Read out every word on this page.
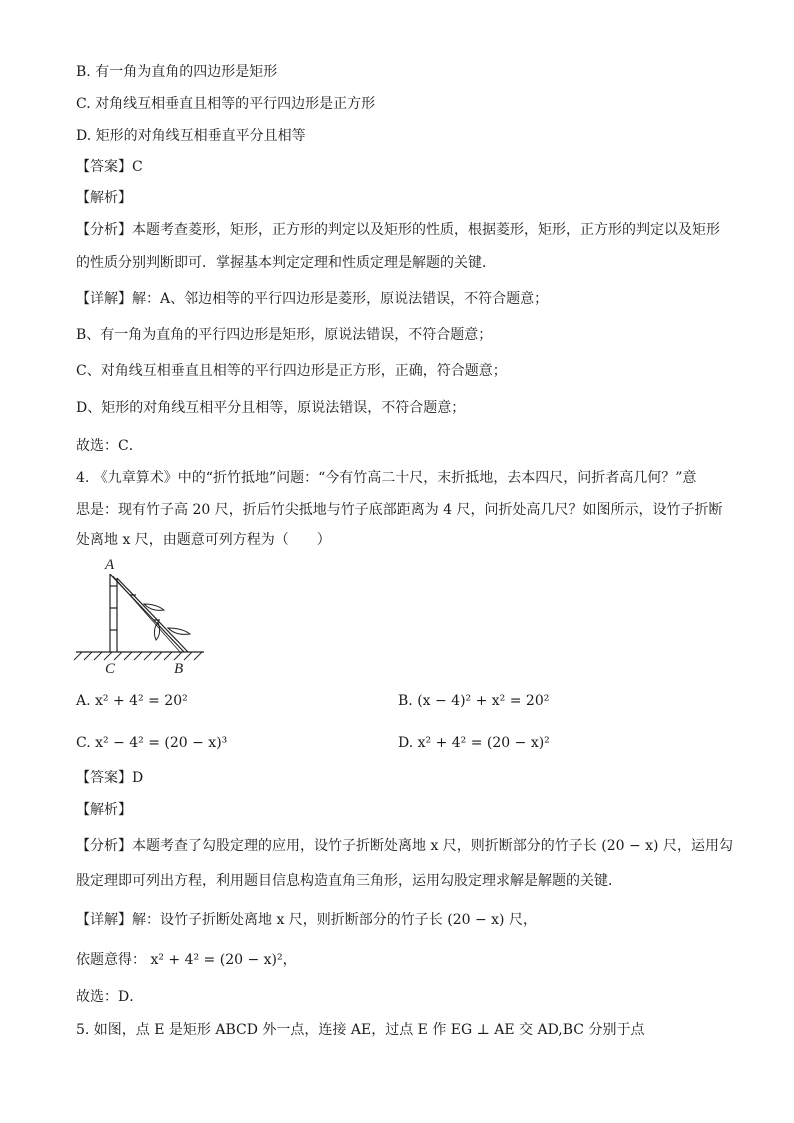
B. 有一角为直角的四边形是矩形
C. 对角线互相垂直且相等的平行四边形是正方形
D. 矩形的对角线互相垂直平分且相等
【答案】C
【解析】
【分析】本题考查菱形，矩形，正方形的判定以及矩形的性质，根据菱形，矩形，正方形的判定以及矩形
的性质分别判断即可．掌握基本判定定理和性质定理是解题的关键．
【详解】解：A、邻边相等的平行四边形是菱形，原说法错误，不符合题意；
B、有一角为直角的平行四边形是矩形，原说法错误，不符合题意；
C、对角线互相垂直且相等的平行四边形是正方形，正确，符合题意；
D、矩形的对角线互相平分且相等，原说法错误，不符合题意；
故选：C．
4. 《九章算术》中的“折竹抵地”问题：“今有竹高二十尺，末折抵地，去本四尺，问折者高几何？”意
思是：现有竹子高 20 尺，折后竹尖抵地与竹子底部距离为 4 尺，问折处高几尺？如图所示，设竹子折断
处离地 x 尺，由题意可列方程为（　　）
A
C	B
A. x² + 4² = 20²	B. (x − 4)² + x² = 20²
C. x² − 4² = (20 − x)³	D. x² + 4² = (20 − x)²
【答案】D
【解析】
【分析】本题考查了勾股定理的应用，设竹子折断处离地 x 尺，则折断部分的竹子长 (20 − x) 尺，运用勾
股定理即可列出方程，利用题目信息构造直角三角形，运用勾股定理求解是解题的关键．
【详解】解：设竹子折断处离地 x 尺，则折断部分的竹子长 (20 − x) 尺，
依题意得： x² + 4² = (20 − x)²，
故选：D．
5. 如图，点 E 是矩形 ABCD 外一点，连接 AE，过点 E 作 EG ⊥ AE 交 AD,BC 分别于点
